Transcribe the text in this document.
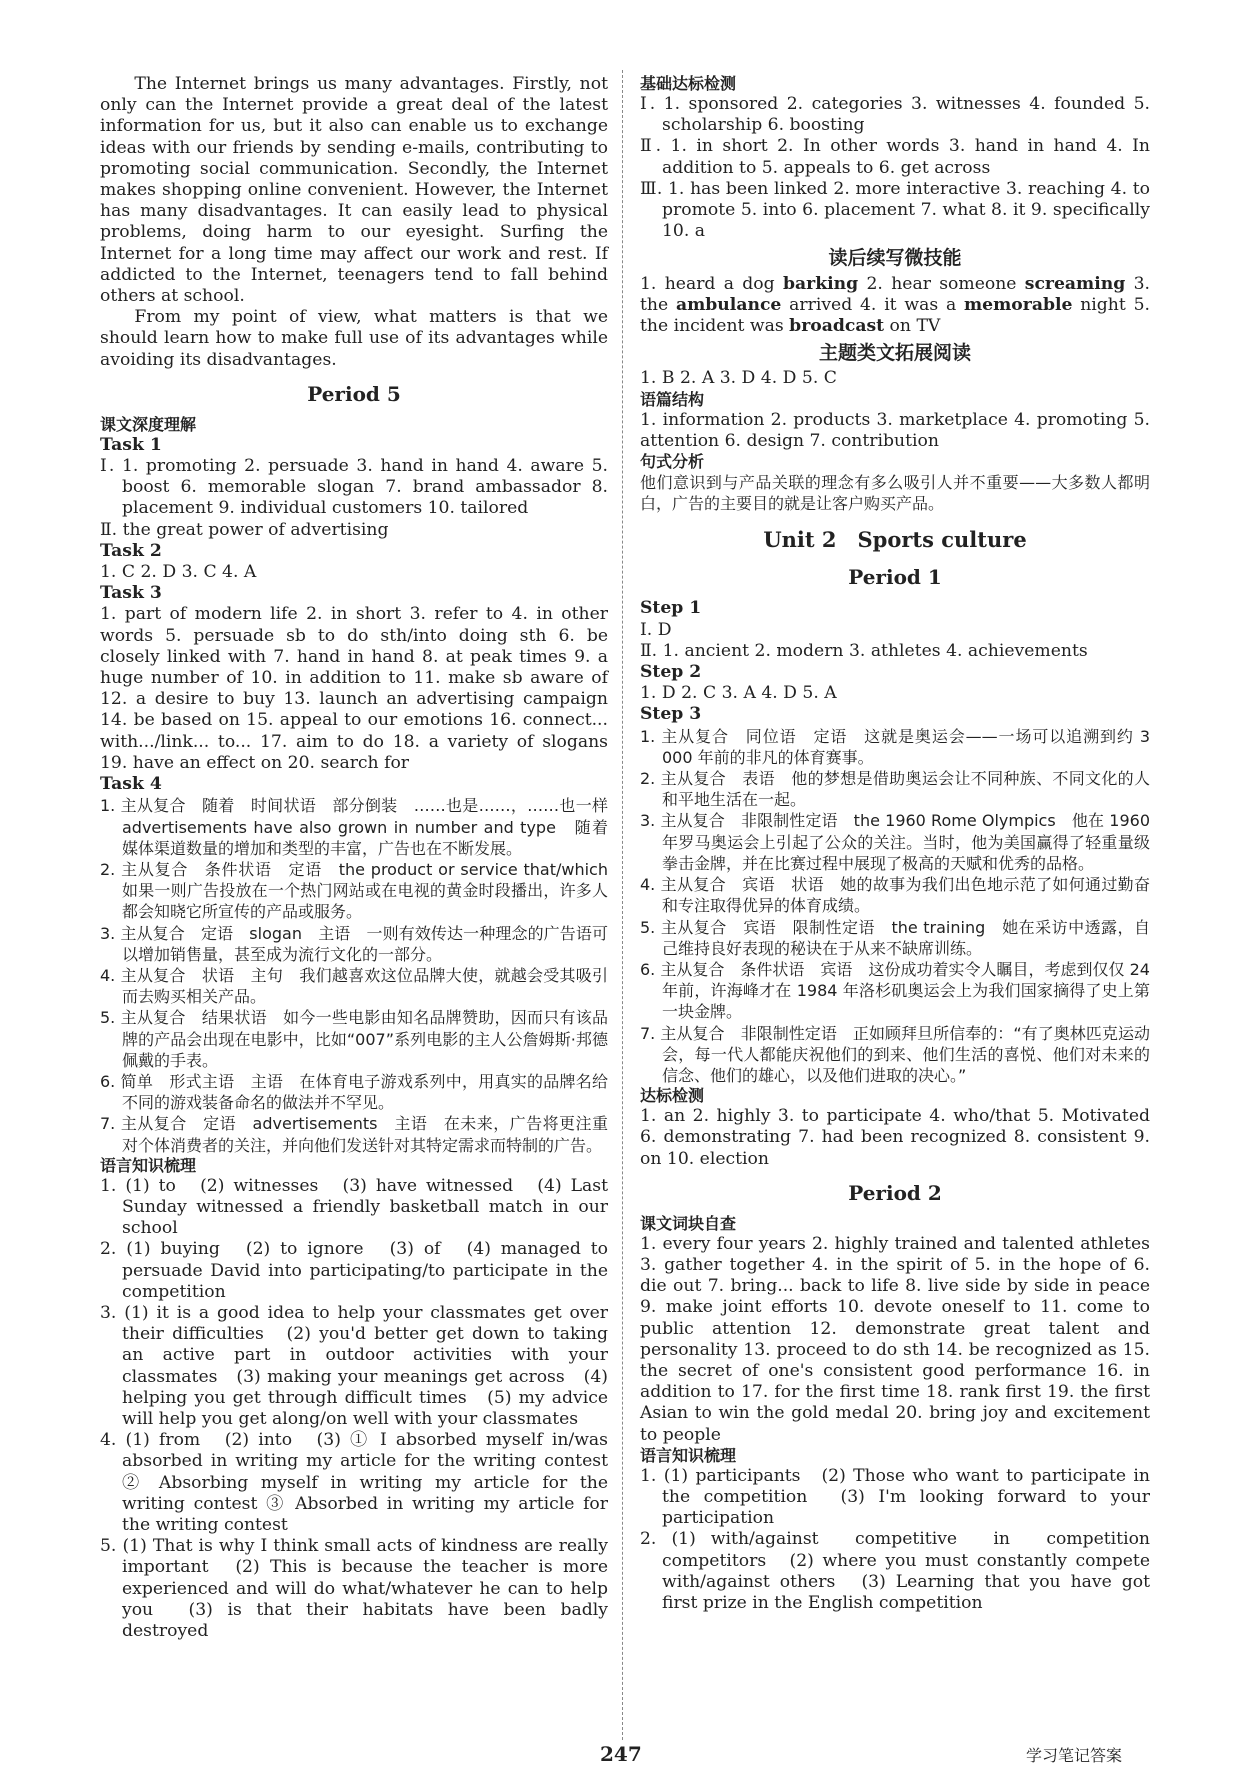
The Internet brings us many advantages. Firstly, not only can the Internet provide a great deal of the latest information for us, but it also can enable us to exchange ideas with our friends by sending e-mails, contributing to promoting social communication. Secondly, the Internet makes shopping online convenient. However, the Internet has many disadvantages. It can easily lead to physical problems, doing harm to our eyesight. Surfing the Internet for a long time may affect our work and rest. If addicted to the Internet, teenagers tend to fall behind others at school.

From my point of view, what matters is that we should learn how to make full use of its advantages while avoiding its disadvantages.

Period 5
课文深度理解
Task 1

Ⅰ. 1. promoting 2. persuade 3. hand in hand 4. aware 5. boost 6. memorable slogan 7. brand ambassador 8. placement 9. individual customers 10. tailored

Ⅱ. the great power of advertising

Task 2

1. C 2. D 3. C 4. A

Task 3

1. part of modern life 2. in short 3. refer to 4. in other words 5. persuade sb to do sth/into doing sth 6. be closely linked with 7. hand in hand 8. at peak times 9. a huge number of 10. in addition to 11. make sb aware of 12. a desire to buy 13. launch an advertising campaign 14. be based on 15. appeal to our emotions 16. connect... with.../link... to... 17. aim to do 18. a variety of slogans 19. have an effect on 20. search for

Task 4

1. 主从复合　随着　时间状语　部分倒装　……也是……，……也一样　advertisements have also grown in number and type　随着媒体渠道数量的增加和类型的丰富，广告也在不断发展。

2. 主从复合　条件状语　定语　the product or service that/which　如果一则广告投放在一个热门网站或在电视的黄金时段播出，许多人都会知晓它所宣传的产品或服务。

3. 主从复合　定语　slogan　主语　一则有效传达一种理念的广告语可以增加销售量，甚至成为流行文化的一部分。

4. 主从复合　状语　主句　我们越喜欢这位品牌大使，就越会受其吸引而去购买相关产品。

5. 主从复合　结果状语　如今一些电影由知名品牌赞助，因而只有该品牌的产品会出现在电影中，比如“007”系列电影的主人公詹姆斯·邦德佩戴的手表。

6. 简单　形式主语　主语　在体育电子游戏系列中，用真实的品牌名给不同的游戏装备命名的做法并不罕见。

7. 主从复合　定语　advertisements　主语　在未来，广告将更注重对个体消费者的关注，并向他们发送针对其特定需求而特制的广告。

语言知识梳理

1. (1) to　(2) witnesses　(3) have witnessed　(4) Last Sunday witnessed a friendly basketball match in our school

2. (1) buying　(2) to ignore　(3) of　(4) managed to persuade David into participating/to participate in the competition

3. (1) it is a good idea to help your classmates get over their difficulties　(2) you'd better get down to taking an active part in outdoor activities with your classmates　(3) making your meanings get across　(4) helping you get through difficult times　(5) my advice will help you get along/on well with your classmates

4. (1) from　(2) into　(3) ① I absorbed myself in/was absorbed in writing my article for the writing contest ② Absorbing myself in writing my article for the writing contest ③ Absorbed in writing my article for the writing contest

5. (1) That is why I think small acts of kindness are really important　(2) This is because the teacher is more experienced and will do what/whatever he can to help you　(3) is that their habitats have been badly destroyed

基础达标检测

Ⅰ. 1. sponsored 2. categories 3. witnesses 4. founded 5. scholarship 6. boosting

Ⅱ. 1. in short 2. In other words 3. hand in hand 4. In addition to 5. appeals to 6. get across

Ⅲ. 1. has been linked 2. more interactive 3. reaching 4. to promote 5. into 6. placement 7. what 8. it 9. specifically 10. a

读后续写微技能

1. heard a dog barking 2. hear someone screaming 3. the ambulance arrived 4. it was a memorable night 5. the incident was broadcast on TV

主题类文拓展阅读

1. B 2. A 3. D 4. D 5. C

语篇结构

1. information 2. products 3. marketplace 4. promoting 5. attention 6. design 7. contribution

句式分析

他们意识到与产品关联的理念有多么吸引人并不重要——大多数人都明白，广告的主要目的就是让客户购买产品。

Unit 2　Sports culture
Period 1
Step 1

Ⅰ. D

Ⅱ. 1. ancient 2. modern 3. athletes 4. achievements

Step 2

1. D 2. C 3. A 4. D 5. A

Step 3

1. 主从复合　同位语　定语　这就是奥运会——一场可以追溯到约 3 000 年前的非凡的体育赛事。

2. 主从复合　表语　他的梦想是借助奥运会让不同种族、不同文化的人和平地生活在一起。

3. 主从复合　非限制性定语　the 1960 Rome Olympics　他在 1960 年罗马奥运会上引起了公众的关注。当时，他为美国赢得了轻重量级拳击金牌，并在比赛过程中展现了极高的天赋和优秀的品格。

4. 主从复合　宾语　状语　她的故事为我们出色地示范了如何通过勤奋和专注取得优异的体育成绩。

5. 主从复合　宾语　限制性定语　the training　她在采访中透露，自己维持良好表现的秘诀在于从来不缺席训练。

6. 主从复合　条件状语　宾语　这份成功着实令人瞩目，考虑到仅仅 24 年前，许海峰才在 1984 年洛杉矶奥运会上为我们国家摘得了史上第一块金牌。

7. 主从复合　非限制性定语　正如顾拜旦所信奉的：“有了奥林匹克运动会，每一代人都能庆祝他们的到来、他们生活的喜悦、他们对未来的信念、他们的雄心，以及他们进取的决心。”

达标检测

1. an 2. highly 3. to participate 4. who/that 5. Motivated 6. demonstrating 7. had been recognized 8. consistent 9. on 10. election

Period 2
课文词块自查

1. every four years 2. highly trained and talented athletes 3. gather together 4. in the spirit of 5. in the hope of 6. die out 7. bring... back to life 8. live side by side in peace 9. make joint efforts 10. devote oneself to 11. come to public attention 12. demonstrate great talent and personality 13. proceed to do sth 14. be recognized as 15. the secret of one's consistent good performance 16. in addition to 17. for the first time 18. rank first 19. the first Asian to win the gold medal 20. bring joy and excitement to people

语言知识梳理

1. (1) participants　(2) Those who want to participate in the competition　(3) I'm looking forward to your participation

2. (1) with/against　competitive　in　competition　competitors　(2) where you must constantly compete with/against others　(3) Learning that you have got first prize in the English competition

247	学习笔记答案
